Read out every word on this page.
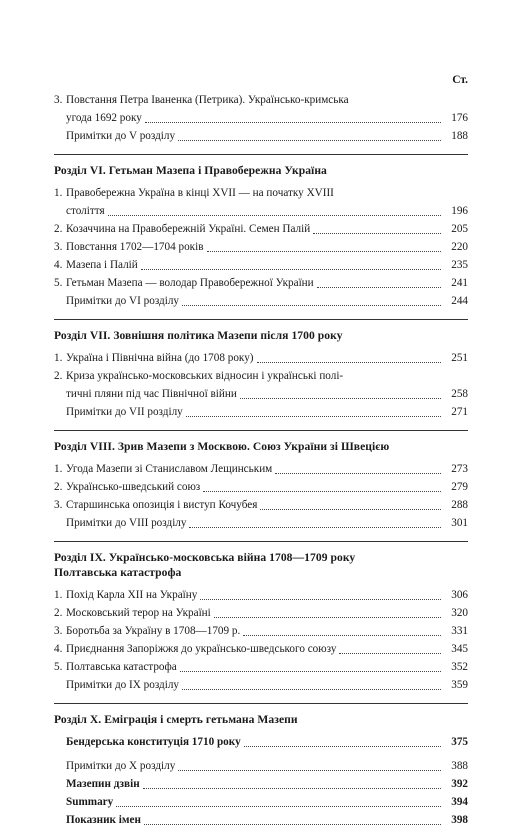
Ст.
3. Повстання Петра Іваненка (Петрика). Українсько-кримська
угода 1692 року	176
Примітки до V розділу	188
Розділ VI. Гетьман Мазепа і Правобережна Україна
1. Правобережна Україна в кінці XVII — на початку XVIII
століття	196
2. Козаччина на Правобережній Україні. Семен Палій	205
3. Повстання 1702—1704 років	220
4. Мазепа і Палій	235
5. Гетьман Мазепа — володар Правобережної України	241
Примітки до VI розділу	244
Розділ VII. Зовнішня політика Мазепи після 1700 року
1. Україна і Північна війна (до 1708 року)	251
2. Криза українсько-московських відносин і українські полі-
тичні пляни під час Північної війни	258
Примітки до VII розділу	271
Розділ VIII. Зрив Мазепи з Москвою. Союз України зі Швецією
1. Угода Мазепи зі Станиславом Лещинським	273
2. Українсько-шведський союз	279
3. Старшинська опозиція і виступ Кочубея	288
Примітки до VIII розділу	301
Розділ IX. Українсько-московська війна 1708—1709 року
Полтавська катастрофа
1. Похід Карла XII на Україну	306
2. Московський терор на Україні	320
3. Боротьба за Україну в 1708—1709 р.	331
4. Приєднання Запоріжжя до українсько-шведського союзу	345
5. Полтавська катастрофа	352
Примітки до IX розділу	359
Розділ X. Еміграція і смерть гетьмана Мазепи
Бендерська конституція 1710 року	375
Примітки до X розділу	388
Мазепин дзвін	392
Summary	394
Показник імен	398
